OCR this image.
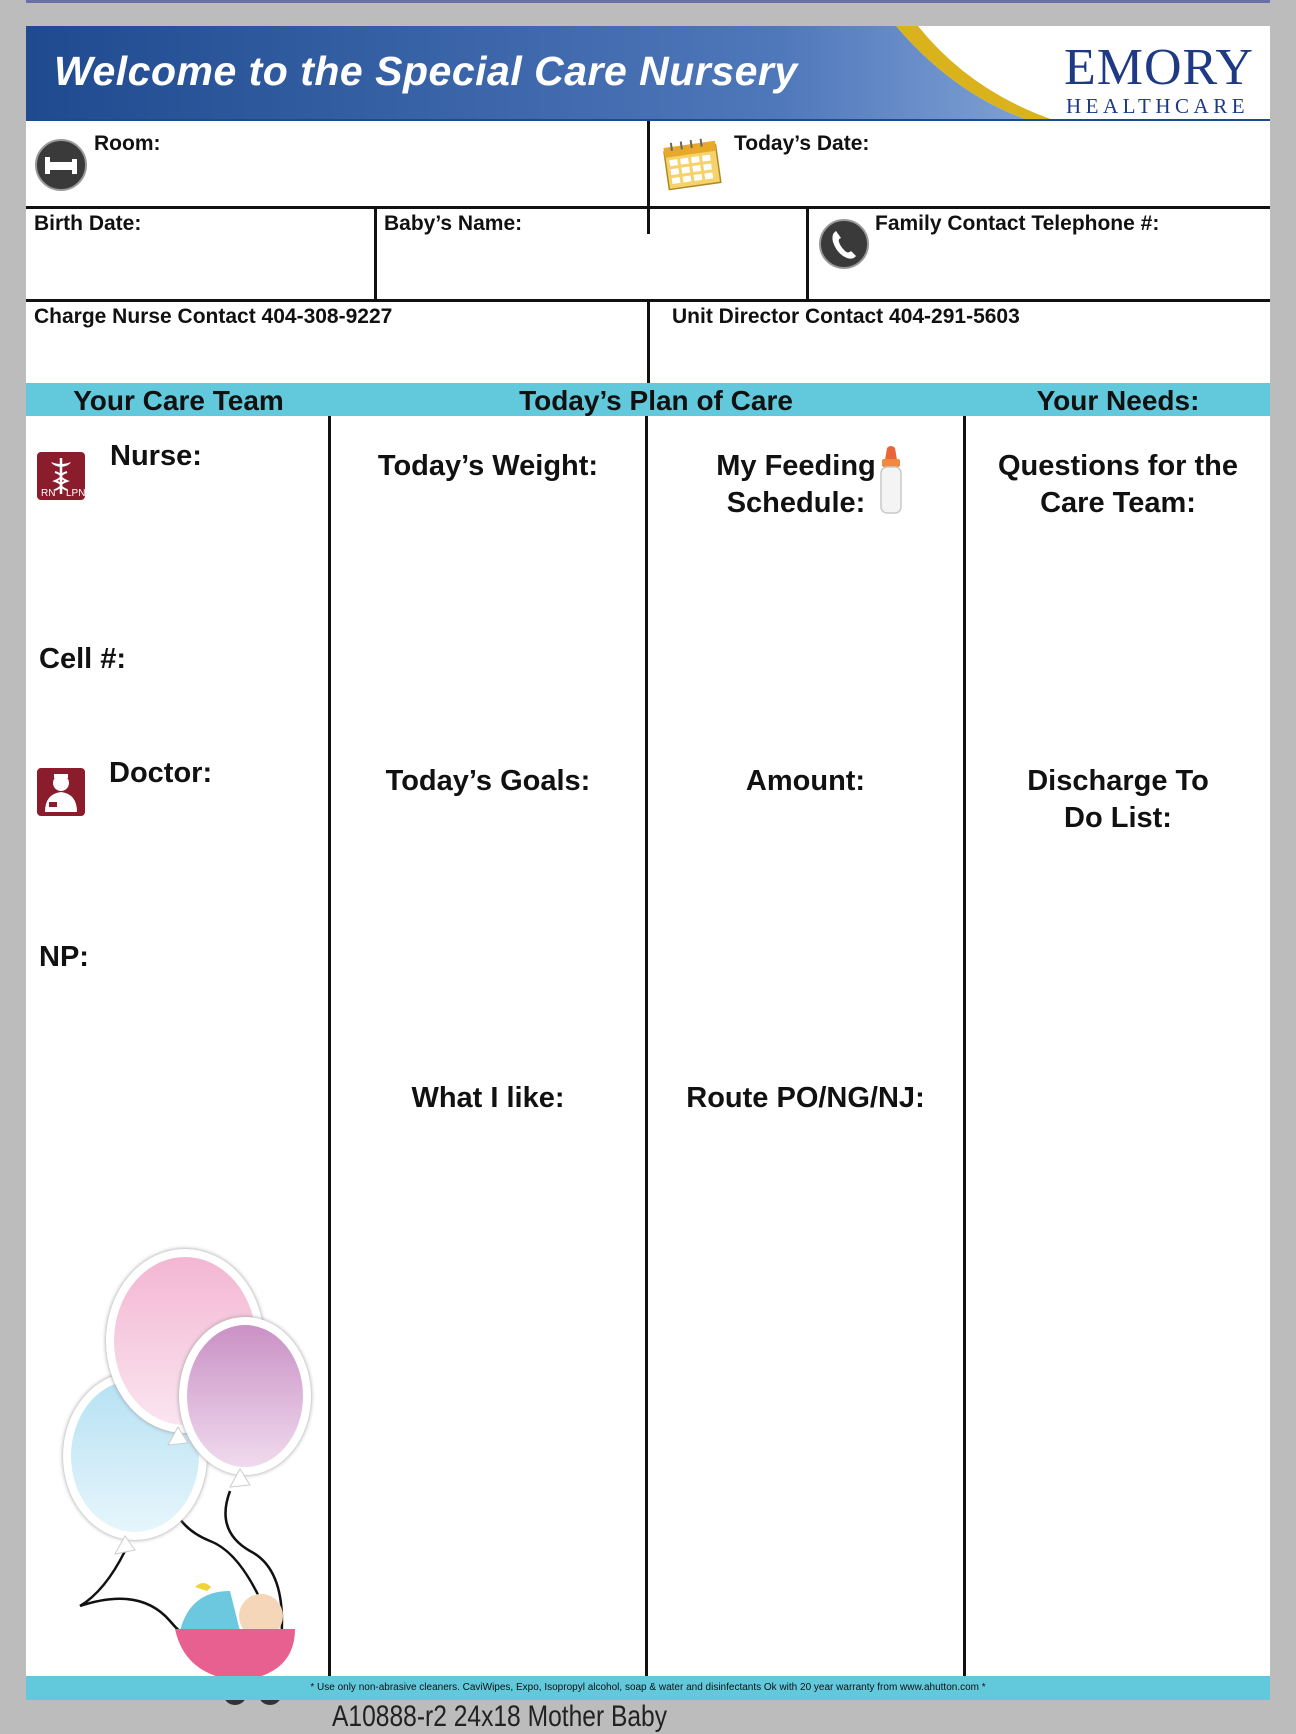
Welcome to the Special Care Nursery	EMORY
HEALTHCARE
Room:	Today’s Date:
Birth Date:	Baby’s Name:	Family Contact Telephone #:
Charge Nurse Contact 404-308-9227	Unit Director Contact 404-291-5603
Your Care Team	Today’s Plan of Care	Your Needs:
RN LPN
Nurse:
Cell #:
Doctor:
NP:
Today’s Weight:
Today’s Goals:
What I like:
My Feeding
Schedule:
Amount:
Route PO/NG/NJ:
Questions for the
Care Team:
Discharge To
Do List:
* Use only non-abrasive cleaners. CaviWipes, Expo, Isopropyl alcohol, soap & water and disinfectants Ok with 20 year warranty from www.ahutton.com *
A10888-r2 24x18 Mother Baby
